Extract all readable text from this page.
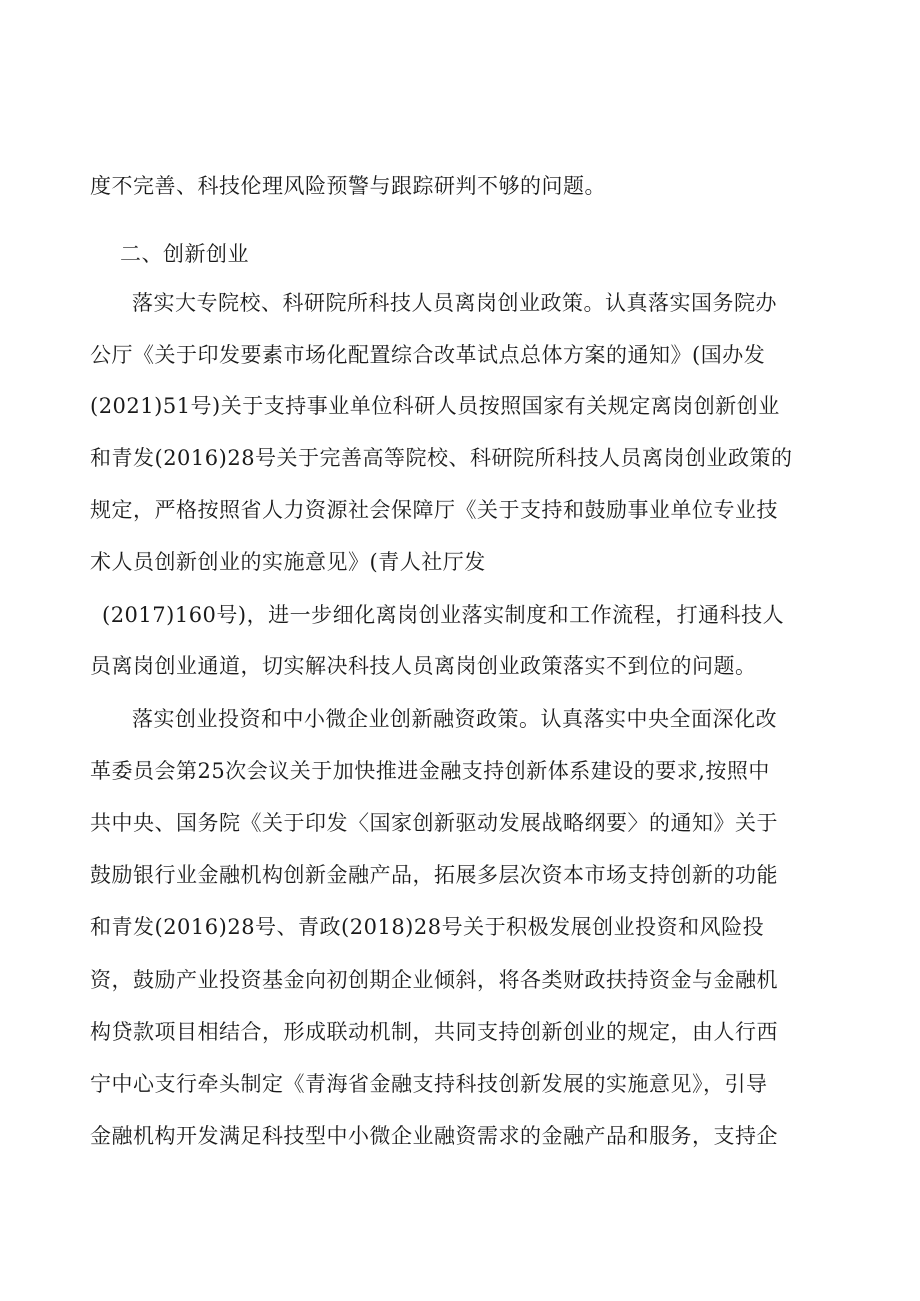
度不完善、科技伦理风险预警与跟踪研判不够的问题。
二、创新创业
落实大专院校、科研院所科技人员离岗创业政策。认真落实国务院办
公厅《关于印发要素市场化配置综合改革试点总体方案的通知》(国办发
(2021)51号)关于支持事业单位科研人员按照国家有关规定离岗创新创业
和青发(2016)28号关于完善高等院校、科研院所科技人员离岗创业政策的
规定，严格按照省人力资源社会保障厅《关于支持和鼓励事业单位专业技
术人员创新创业的实施意见》(青人社厅发
(2017)160号)，进一步细化离岗创业落实制度和工作流程，打通科技人
员离岗创业通道，切实解决科技人员离岗创业政策落实不到位的问题。
落实创业投资和中小微企业创新融资政策。认真落实中央全面深化改
革委员会第25次会议关于加快推进金融支持创新体系建设的要求,按照中
共中央、国务院《关于印发〈国家创新驱动发展战略纲要〉的通知》关于
鼓励银行业金融机构创新金融产品，拓展多层次资本市场支持创新的功能
和青发(2016)28号、青政(2018)28号关于积极发展创业投资和风险投
资，鼓励产业投资基金向初创期企业倾斜，将各类财政扶持资金与金融机
构贷款项目相结合，形成联动机制，共同支持创新创业的规定，由人行西
宁中心支行牵头制定《青海省金融支持科技创新发展的实施意见》，引导
金融机构开发满足科技型中小微企业融资需求的金融产品和服务，支持企
